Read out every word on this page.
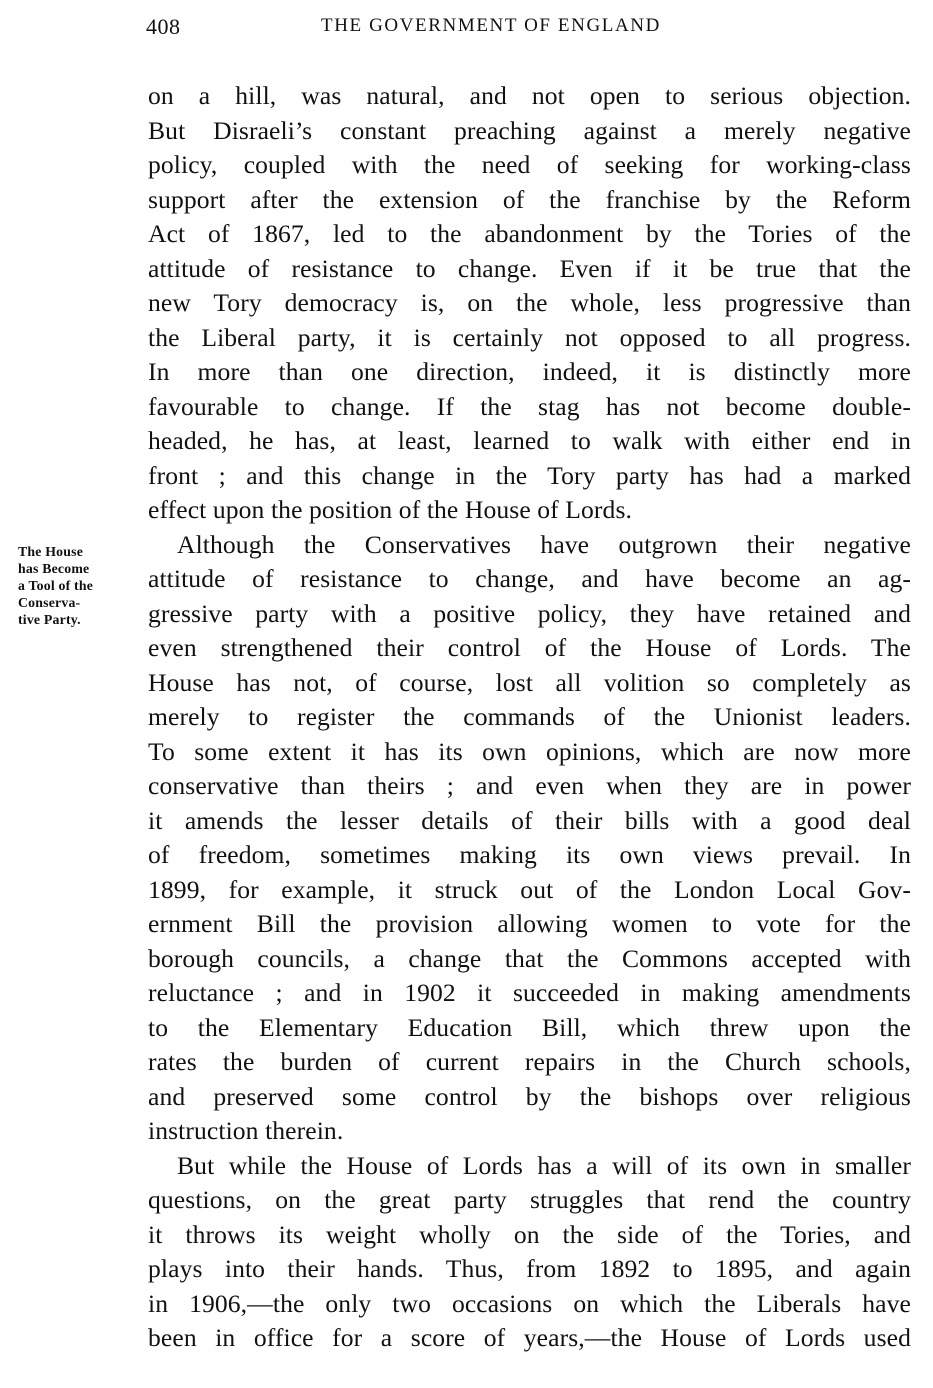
408	THE GOVERNMENT OF ENGLAND
The House
has Become
a Tool of the
Conserva-
tive Party.
on a hill, was natural, and not open to serious objection.
But Disraeli’s constant preaching against a merely negative
policy, coupled with the need of seeking for working-class
support after the extension of the franchise by the Reform
Act of 1867, led to the abandonment by the Tories of the
attitude of resistance to change. Even if it be true that the
new Tory democracy is, on the whole, less progressive than
the Liberal party, it is certainly not opposed to all progress.
In more than one direction, indeed, it is distinctly more
favourable to change. If the stag has not become double-
headed, he has, at least, learned to walk with either end in
front ; and this change in the Tory party has had a marked
effect upon the position of the House of Lords.
Although the Conservatives have outgrown their negative
attitude of resistance to change, and have become an ag-
gressive party with a positive policy, they have retained and
even strengthened their control of the House of Lords. The
House has not, of course, lost all volition so completely as
merely to register the commands of the Unionist leaders.
To some extent it has its own opinions, which are now more
conservative than theirs ; and even when they are in power
it amends the lesser details of their bills with a good deal
of freedom, sometimes making its own views prevail. In
1899, for example, it struck out of the London Local Gov-
ernment Bill the provision allowing women to vote for the
borough councils, a change that the Commons accepted with
reluctance ; and in 1902 it succeeded in making amendments
to the Elementary Education Bill, which threw upon the
rates the burden of current repairs in the Church schools,
and preserved some control by the bishops over religious
instruction therein.
But while the House of Lords has a will of its own in smaller
questions, on the great party struggles that rend the country
it throws its weight wholly on the side of the Tories, and
plays into their hands. Thus, from 1892 to 1895, and again
in 1906,—the only two occasions on which the Liberals have
been in office for a score of years,—the House of Lords used
